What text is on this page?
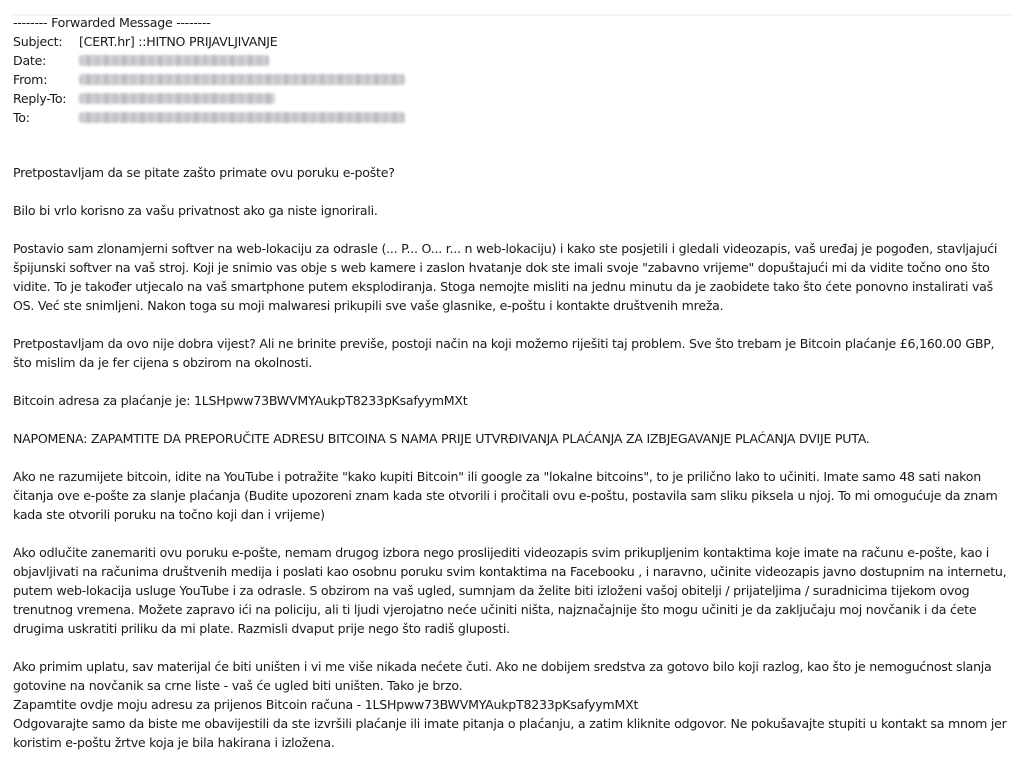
-------- Forwarded Message --------
Subject:	[CERT.hr] ::HITNO PRIJAVLJIVANJE
Date:
From:
Reply-To:
To:

Pretpostavljam da se pitate zašto primate ovu poruku e-pošte?

Bilo bi vrlo korisno za vašu privatnost ako ga niste ignorirali.

Postavio sam zlonamjerni softver na web-lokaciju za odrasle (... P... O... r... n web-lokaciju) i kako ste posjetili i gledali videozapis, vaš uređaj je pogođen, stavljajući špijunski softver na vaš stroj. Koji je snimio vas obje s web kamere i zaslon hvatanje dok ste imali svoje "zabavno vrijeme" dopuštajući mi da vidite točno ono što vidite. To je također utjecalo na vaš smartphone putem eksplodiranja. Stoga nemojte misliti na jednu minutu da je zaobidete tako što ćete ponovno instalirati vaš OS. Već ste snimljeni. Nakon toga su moji malwaresi prikupili sve vaše glasnike, e-poštu i kontakte društvenih mreža.

Pretpostavljam da ovo nije dobra vijest? Ali ne brinite previše, postoji način na koji možemo riješiti taj problem. Sve što trebam je Bitcoin plaćanje £6,160.00 GBP, što mislim da je fer cijena s obzirom na okolnosti.

Bitcoin adresa za plaćanje je: 1LSHpww73BWVMYAukpT8233pKsafyymMXt

NAPOMENA: ZAPAMTITE DA PREPORUČITE ADRESU BITCOINA S NAMA PRIJE UTVRĐIVANJA PLAĆANJA ZA IZBJEGAVANJE PLAĆANJA DVIJE PUTA.

Ako ne razumijete bitcoin, idite na YouTube i potražite "kako kupiti Bitcoin" ili google za "lokalne bitcoins", to je prilično lako to učiniti. Imate samo 48 sati nakon čitanja ove e-pošte za slanje plaćanja (Budite upozoreni znam kada ste otvorili i pročitali ovu e-poštu, postavila sam sliku piksela u njoj. To mi omogućuje da znam kada ste otvorili poruku na točno koji dan i vrijeme)

Ako odlučite zanemariti ovu poruku e-pošte, nemam drugog izbora nego proslijediti videozapis svim prikupljenim kontaktima koje imate na računu e-pošte, kao i objavljivati na računima društvenih medija i poslati kao osobnu poruku svim kontaktima na Facebooku , i naravno, učinite videozapis javno dostupnim na internetu, putem web-lokacija usluge YouTube i za odrasle. S obzirom na vaš ugled, sumnjam da želite biti izloženi vašoj obitelji / prijateljima / suradnicima tijekom ovog trenutnog vremena. Možete zapravo ići na policiju, ali ti ljudi vjerojatno neće učiniti ništa, najznačajnije što mogu učiniti je da zaključaju moj novčanik i da ćete drugima uskratiti priliku da mi plate. Razmisli dvaput prije nego što radiš gluposti.

Ako primim uplatu, sav materijal će biti uništen i vi me više nikada nećete čuti. Ako ne dobijem sredstva za gotovo bilo koji razlog, kao što je nemogućnost slanja gotovine na novčanik sa crne liste - vaš će ugled biti uništen. Tako je brzo.

Zapamtite ovdje moju adresu za prijenos Bitcoin računa - 1LSHpww73BWVMYAukpT8233pKsafyymMXt

Odgovarajte samo da biste me obavijestili da ste izvršili plaćanje ili imate pitanja o plaćanju, a zatim kliknite odgovor. Ne pokušavajte stupiti u kontakt sa mnom jer koristim e-poštu žrtve koja je bila hakirana i izložena.
